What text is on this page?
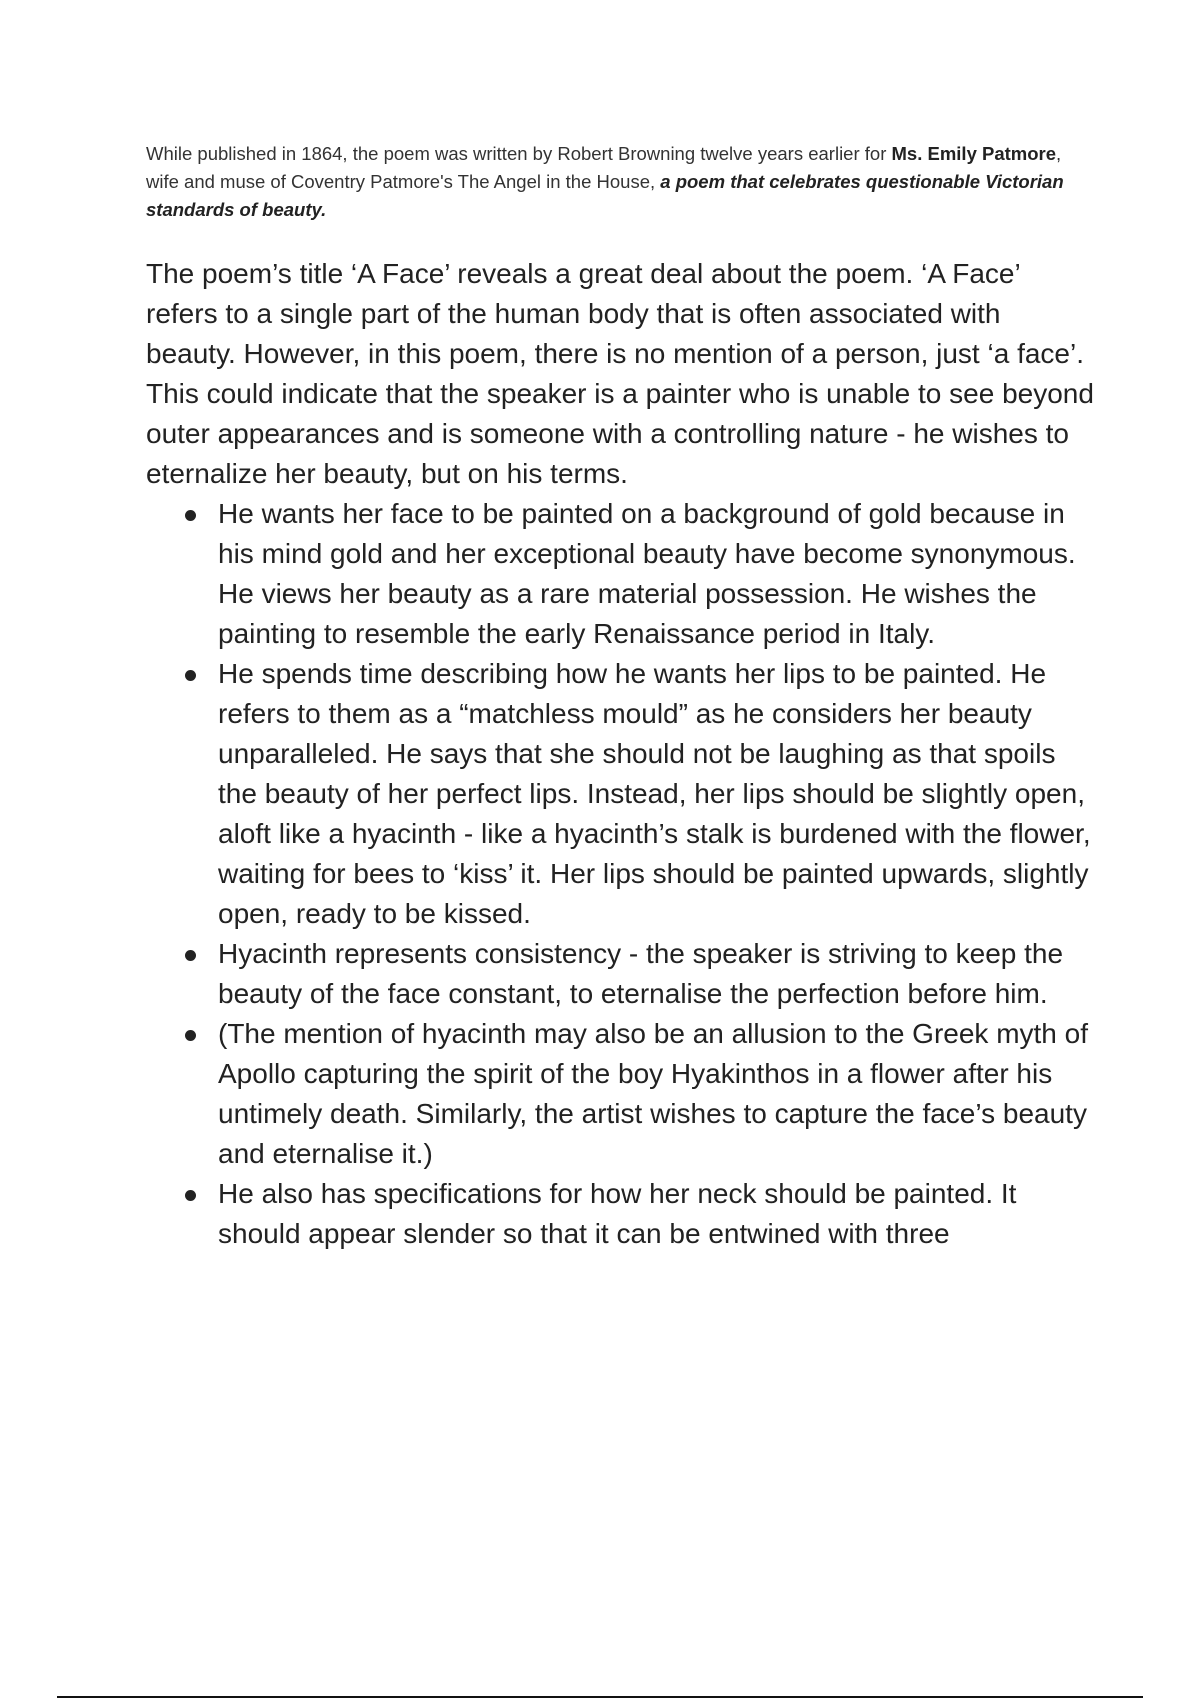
While published in 1864, the poem was written by Robert Browning twelve years earlier for Ms. Emily Patmore, wife and muse of Coventry Patmore's The Angel in the House, a poem that celebrates questionable Victorian standards of beauty.

The poem’s title ‘A Face’ reveals a great deal about the poem. ‘A Face’ refers to a single part of the human body that is often associated with beauty. However, in this poem, there is no mention of a person, just ‘a face’. This could indicate that the speaker is a painter who is unable to see beyond outer appearances and is someone with a controlling nature - he wishes to eternalize her beauty, but on his terms.

He wants her face to be painted on a background of gold because in his mind gold and her exceptional beauty have become synonymous. He views her beauty as a rare material possession. He wishes the painting to resemble the early Renaissance period in Italy.
He spends time describing how he wants her lips to be painted. He refers to them as a “matchless mould” as he considers her beauty unparalleled. He says that she should not be laughing as that spoils the beauty of her perfect lips. Instead, her lips should be slightly open, aloft like a hyacinth - like a hyacinth’s stalk is burdened with the flower, waiting for bees to ‘kiss’ it. Her lips should be painted upwards, slightly open, ready to be kissed.
Hyacinth represents consistency - the speaker is striving to keep the beauty of the face constant, to eternalise the perfection before him.
(The mention of hyacinth may also be an allusion to the Greek myth of Apollo capturing the spirit of the boy Hyakinthos in a flower after his untimely death. Similarly, the artist wishes to capture the face’s beauty and eternalise it.)
He also has specifications for how her neck should be painted. It should appear slender so that it can be entwined with three
